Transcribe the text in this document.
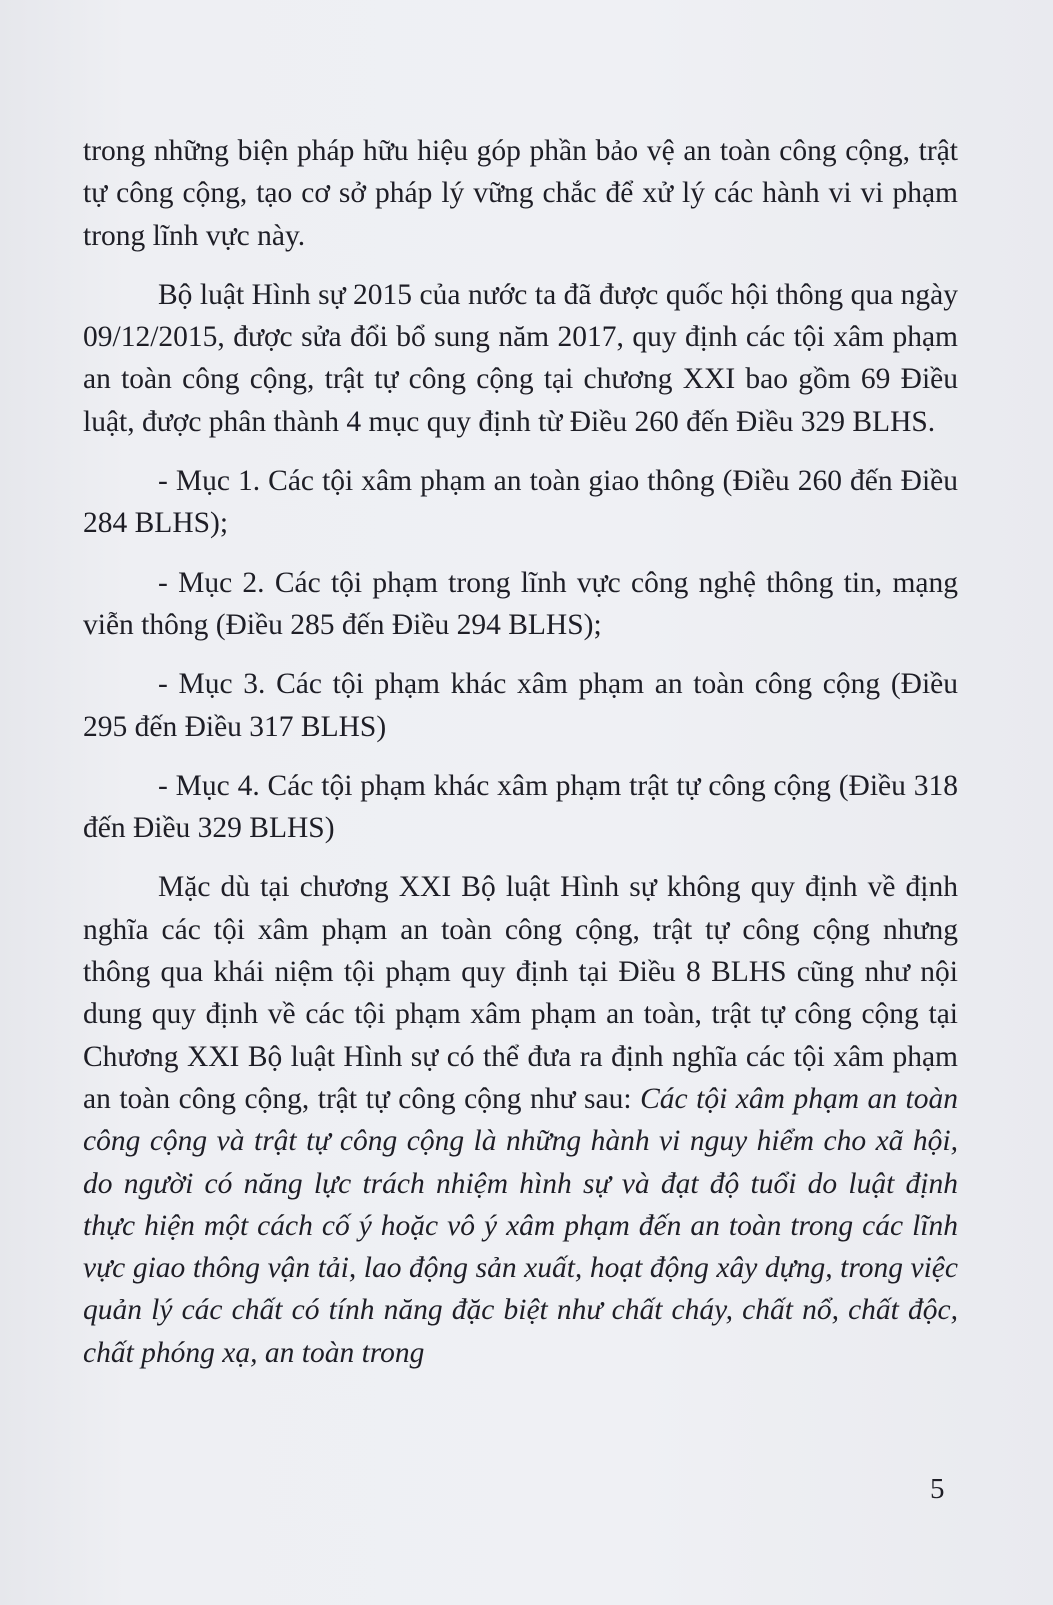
trong những biện pháp hữu hiệu góp phần bảo vệ an toàn công cộng, trật tự công cộng, tạo cơ sở pháp lý vững chắc để xử lý các hành vi vi phạm trong lĩnh vực này.

Bộ luật Hình sự 2015 của nước ta đã được quốc hội thông qua ngày 09/12/2015, được sửa đổi bổ sung năm 2017, quy định các tội xâm phạm an toàn công cộng, trật tự công cộng tại chương XXI bao gồm 69 Điều luật, được phân thành 4 mục quy định từ Điều 260 đến Điều 329 BLHS.

- Mục 1. Các tội xâm phạm an toàn giao thông (Điều 260 đến Điều 284 BLHS);

- Mục 2. Các tội phạm trong lĩnh vực công nghệ thông tin, mạng viễn thông (Điều 285 đến Điều 294 BLHS);

- Mục 3. Các tội phạm khác xâm phạm an toàn công cộng (Điều 295 đến Điều 317 BLHS)

- Mục 4. Các tội phạm khác xâm phạm trật tự công cộng (Điều 318 đến Điều 329 BLHS)

Mặc dù tại chương XXI Bộ luật Hình sự không quy định về định nghĩa các tội xâm phạm an toàn công cộng, trật tự công cộng nhưng thông qua khái niệm tội phạm quy định tại Điều 8 BLHS cũng như nội dung quy định về các tội phạm xâm phạm an toàn, trật tự công cộng tại Chương XXI Bộ luật Hình sự có thể đưa ra định nghĩa các tội xâm phạm an toàn công cộng, trật tự công cộng như sau: Các tội xâm phạm an toàn công cộng và trật tự công cộng là những hành vi nguy hiểm cho xã hội, do người có năng lực trách nhiệm hình sự và đạt độ tuổi do luật định thực hiện một cách cố ý hoặc vô ý xâm phạm đến an toàn trong các lĩnh vực giao thông vận tải, lao động sản xuất, hoạt động xây dựng, trong việc quản lý các chất có tính năng đặc biệt như chất cháy, chất nổ, chất độc, chất phóng xạ, an toàn trong

5
